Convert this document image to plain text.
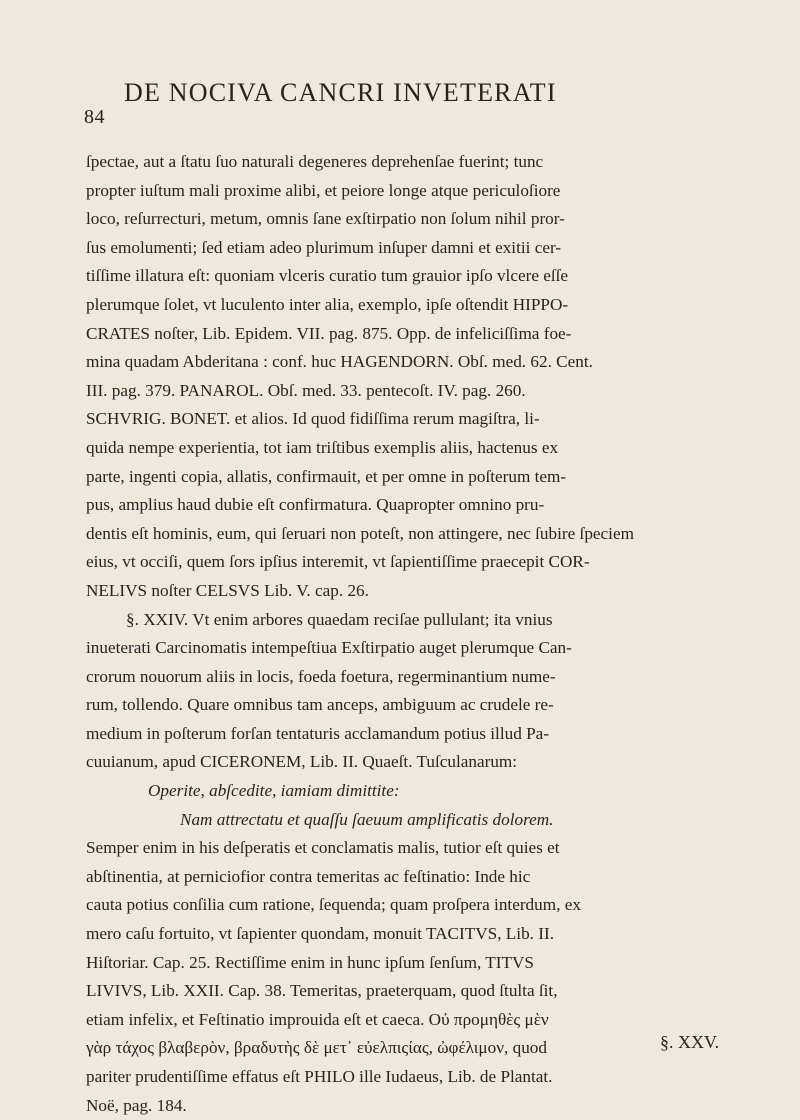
84
DE NOCIVA CANCRI INVETERATI
ſpectae, aut a ſtatu ſuo naturali degeneres deprehenſae fuerint; tunc
propter iuſtum mali proxime alibi, et peiore longe atque periculoſiore
loco, reſurrecturi, metum, omnis ſane exſtirpatio non ſolum nihil pror-
ſus emolumenti; ſed etiam adeo plurimum inſuper damni et exitii cer-
tiſſime illatura eſt: quoniam vlceris curatio tum grauior ipſo vlcere eſſe
plerumque ſolet, vt luculento inter alia, exemplo, ipſe oſtendit HIPPO-
CRATES noſter, Lib. Epidem. VII. pag. 875. Opp. de infeliciſſima foe-
mina quadam Abderitana : conf. huc HAGENDORN. Obſ. med. 62. Cent.
III. pag. 379. PANAROL. Obſ. med. 33. pentecoſt. IV. pag. 260.
SCHVRIG. BONET. et alios. Id quod fidiſſima rerum magiſtra, li-
quida nempe experientia, tot iam triſtibus exemplis aliis, hactenus ex
parte, ingenti copia, allatis, confirmauit, et per omne in poſterum tem-
pus, amplius haud dubie eſt confirmatura. Quapropter omnino pru-
dentis eſt hominis, eum, qui ſeruari non poteſt, non attingere, nec ſubire ſpeciem
eius, vt occiſi, quem ſors ipſius interemit, vt ſapientiſſime praecepit COR-
NELIVS noſter CELSVS Lib. V. cap. 26.
§. XXIV. Vt enim arbores quaedam reciſae pullulant; ita vnius
inueterati Carcinomatis intempeſtiua Exſtirpatio auget plerumque Can-
crorum nouorum aliis in locis, foeda foetura, regerminantium nume-
rum, tollendo. Quare omnibus tam anceps, ambiguum ac crudele re-
medium in poſterum forſan tentaturis acclamandum potius illud Pa-
cuuianum, apud CICERONEM, Lib. II. Quaeſt. Tuſculanarum:
Operite, abſcedite, iamiam dimittite:
Nam attrectatu et quaſſu ſaeuum amplificatis dolorem.
Semper enim in his deſperatis et conclamatis malis, tutior eſt quies et
abſtinentia, at perniciofior contra temeritas ac feſtinatio: Inde hic
cauta potius conſilia cum ratione, ſequenda; quam proſpera interdum, ex
mero caſu fortuito, vt ſapienter quondam, monuit TACITVS, Lib. II.
Hiſtoriar. Cap. 25. Rectiſſime enim in hunc ipſum ſenſum, TITVS
LIVIVS, Lib. XXII. Cap. 38. Temeritas, praeterquam, quod ſtulta ſit,
etiam infelix, et Feſtinatio improuida eſt et caeca. Οὐ πρoμηθὲς μὲν
γὰρ τάχος βλαβερὸν, βραδυτὴς δὲ μετ᾽ εὐελπιςίας, ὠφέλιμον, quod
pariter prudentiſſime effatus eſt PHILO ille Iudaeus, Lib. de Plantat.
Noë, pag. 184.
§. XXV.
